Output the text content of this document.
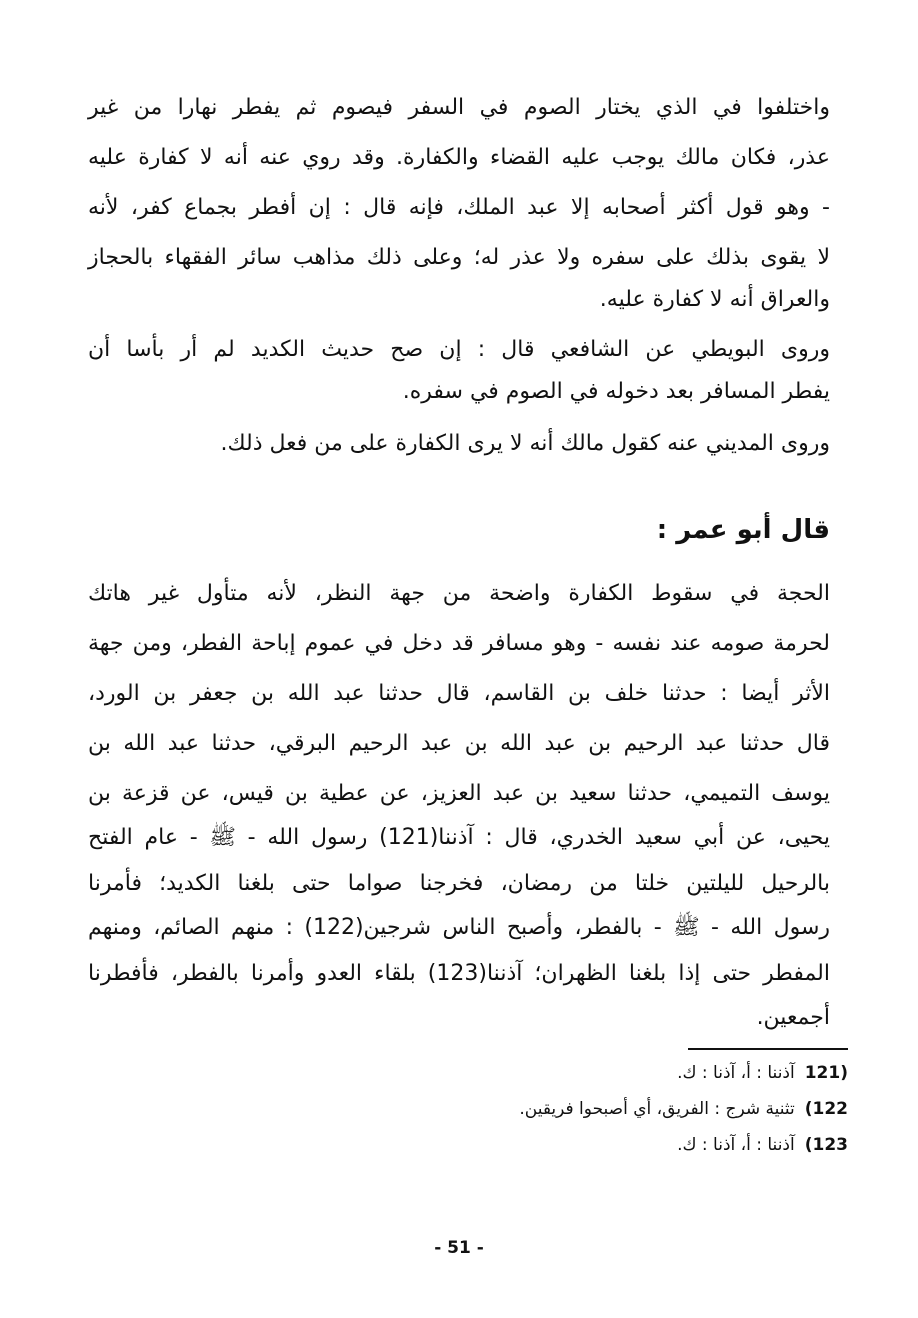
واختلفوا في الذي يختار الصوم في السفر فيصوم ثم يفطر نهارا من غير
عذر، فكان مالك يوجب عليه القضاء والكفارة. وقد روي عنه أنه لا كفارة عليه
- وهو قول أكثر أصحابه إلا عبد الملك، فإنه قال : إن أفطر بجماع كفر، لأنه
لا يقوى بذلك على سفره ولا عذر له؛ وعلى ذلك مذاهب سائر الفقهاء بالحجاز
والعراق أنه لا كفارة عليه.
وروى البويطي عن الشافعي قال : إن صح حديث الكديد لم أر بأسا أن
يفطر المسافر بعد دخوله في الصوم في سفره.
وروى المديني عنه كقول مالك أنه لا يرى الكفارة على من فعل ذلك.
قال أبو عمر :
الحجة في سقوط الكفارة واضحة من جهة النظر، لأنه متأول غير هاتك
لحرمة صومه عند نفسه - وهو مسافر قد دخل في عموم إباحة الفطر، ومن جهة
الأثر أيضا : حدثنا خلف بن القاسم، قال حدثنا عبد الله بن جعفر بن الورد،
قال حدثنا عبد الرحيم بن عبد الله بن عبد الرحيم البرقي، حدثنا عبد الله بن
يوسف التميمي، حدثنا سعيد بن عبد العزيز، عن عطية بن قيس، عن قزعة بن
يحيى، عن أبي سعيد الخدري، قال : آذننا(121) رسول الله - ﷺ - عام الفتح
بالرحيل لليلتين خلتا من رمضان، فخرجنا صواما حتى بلغنا الكديد؛ فأمرنا
رسول الله - ﷺ - بالفطر، وأصبح الناس شرجين(122) : منهم الصائم، ومنهم
المفطر حتى إذا بلغنا الظهران؛ آذننا(123) بلقاء العدو وأمرنا بالفطر، فأفطرنا
أجمعين.
(121آذننا : أ، آذنا : ك.
122)تثنية شرج : الفريق، أي أصبحوا فريقين.
123)آذننا : أ، آذنا : ك.
- 51 -
